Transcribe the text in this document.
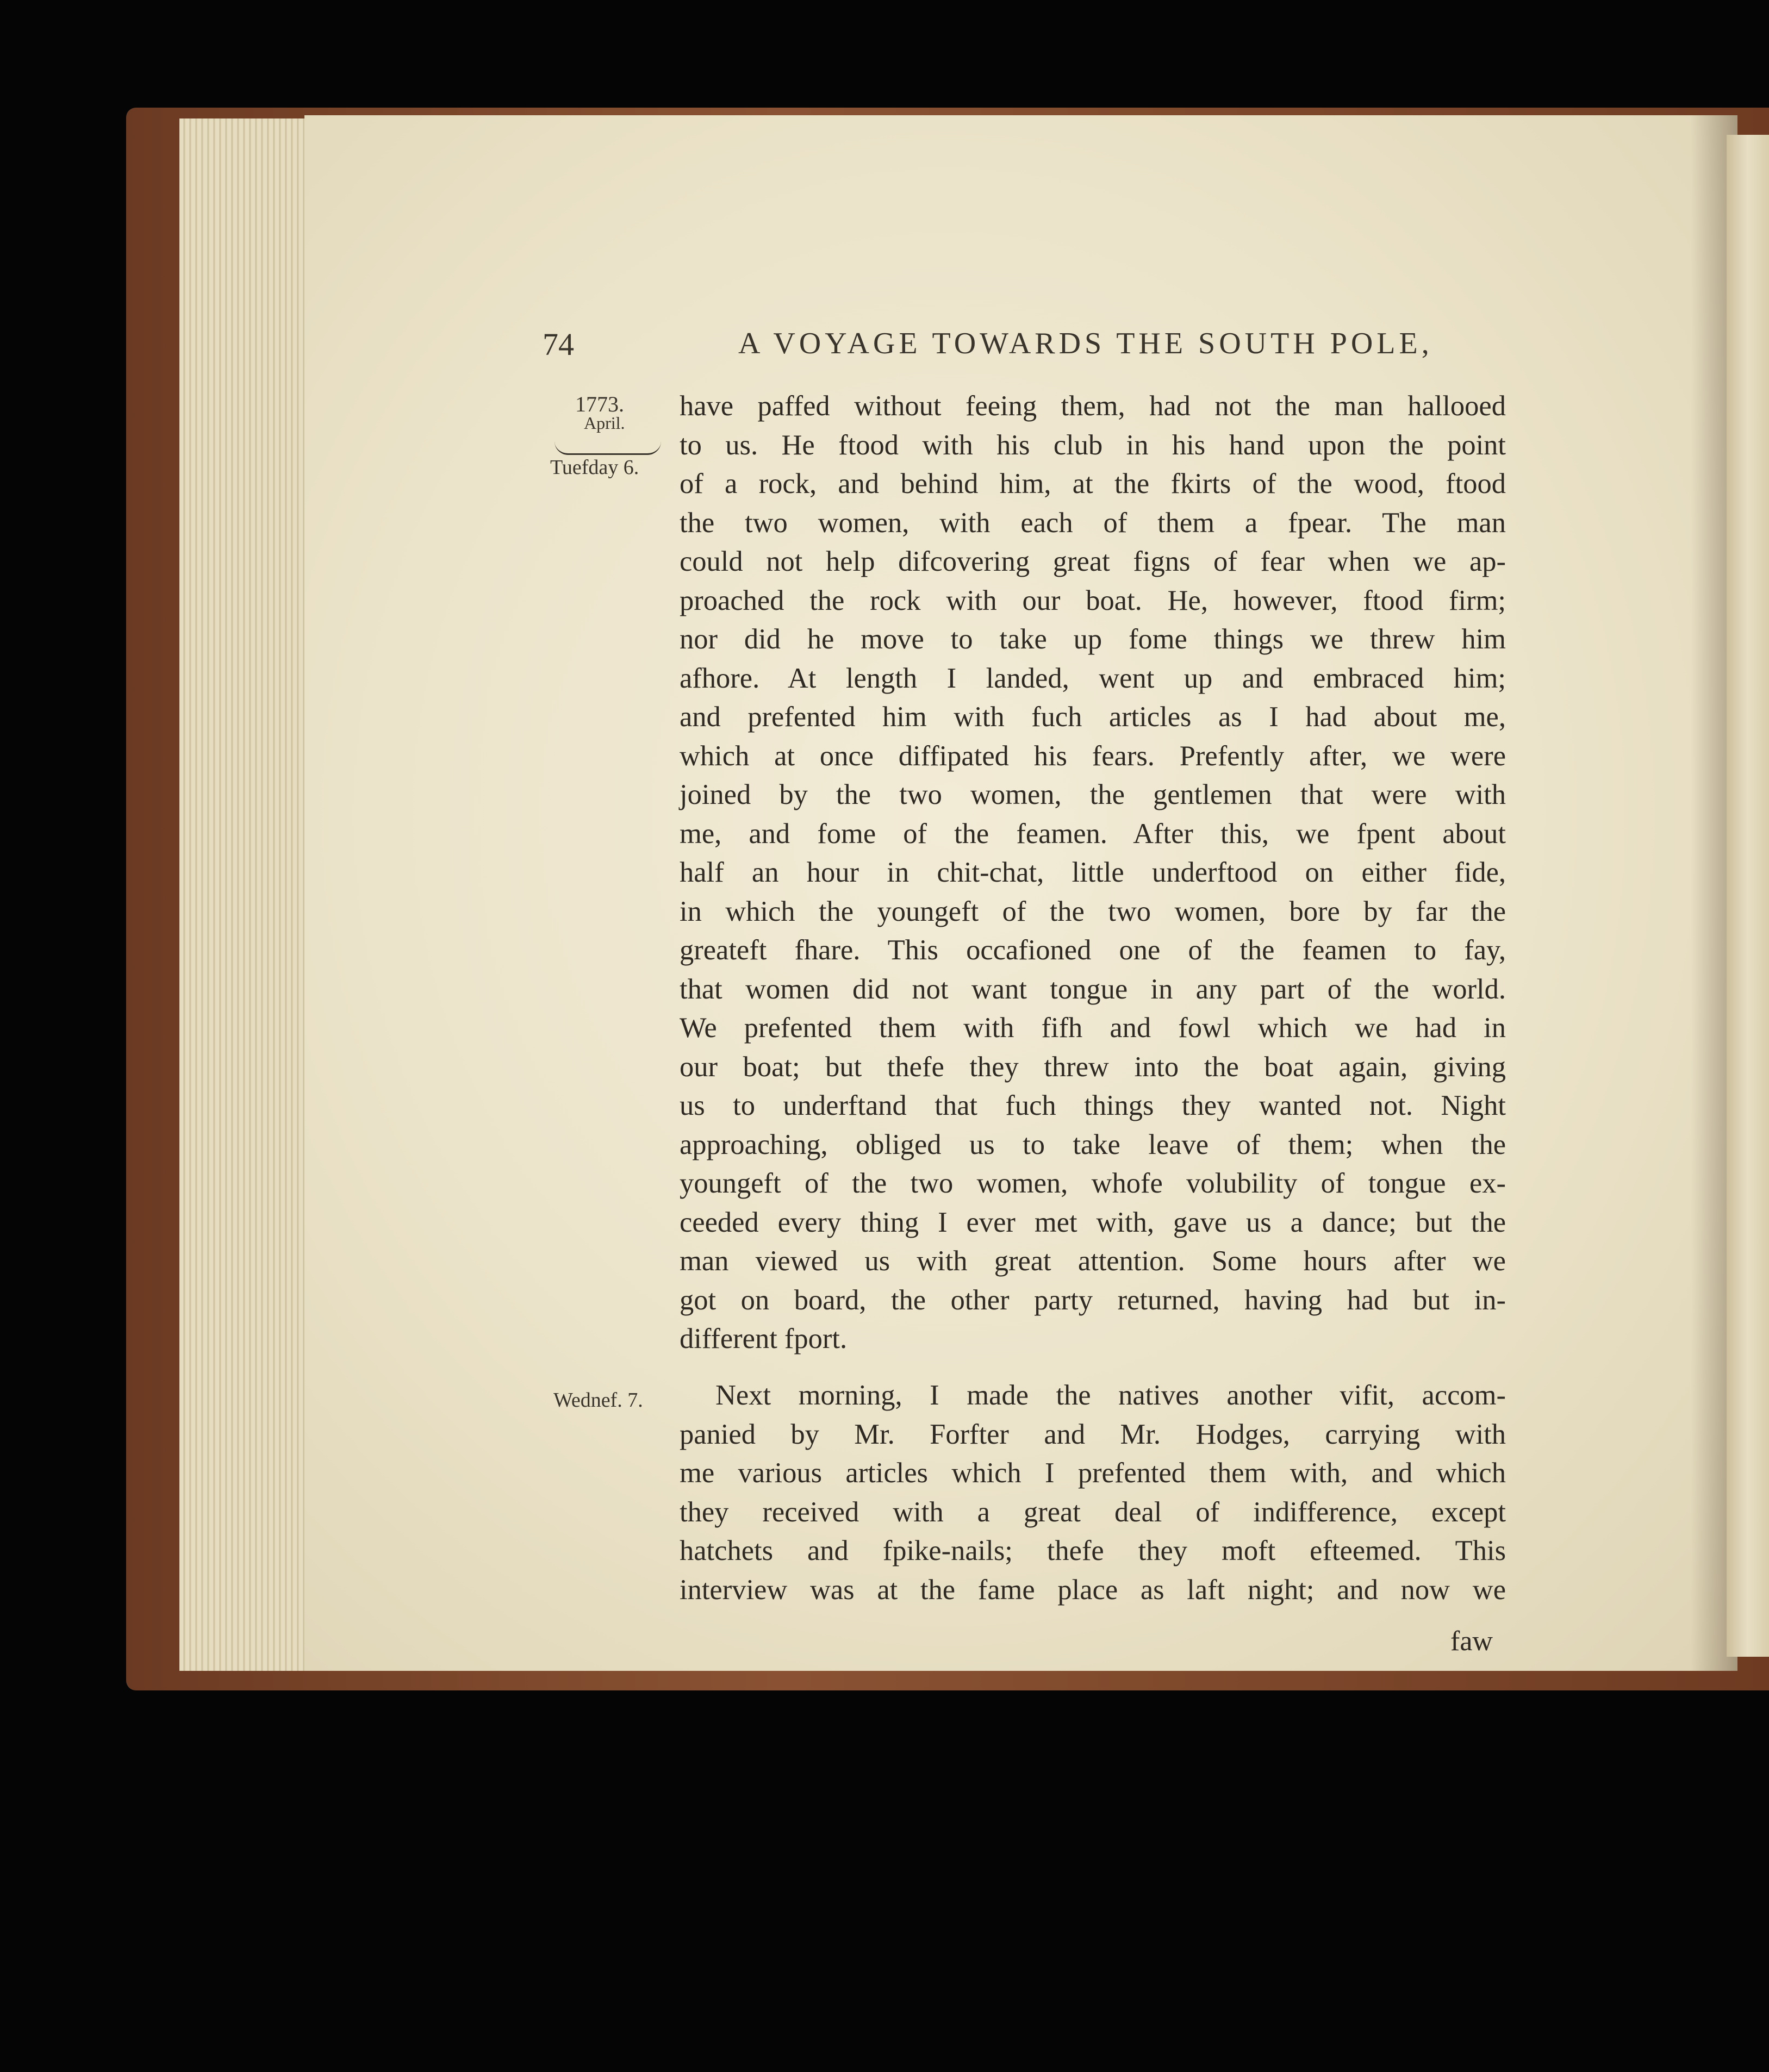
74	A VOYAGE TOWARDS THE SOUTH POLE,
1773.
April.
Tuefday 6.
Wednef. 7.
have paffed without feeing them, had not the man hallooed
to us. He ftood with his club in his hand upon the point
of a rock, and behind him, at the fkirts of the wood, ftood
the two women, with each of them a fpear. The man
could not help difcovering great figns of fear when we ap-
proached the rock with our boat. He, however, ftood firm;
nor did he move to take up fome things we threw him
afhore. At length I landed, went up and embraced him;
and prefented him with fuch articles as I had about me,
which at once diffipated his fears. Prefently after, we were
joined by the two women, the gentlemen that were with
me, and fome of the feamen. After this, we fpent about
half an hour in chit-chat, little underftood on either fide,
in which the youngeft of the two women, bore by far the
greateft fhare. This occafioned one of the feamen to fay,
that women did not want tongue in any part of the world.
We prefented them with fifh and fowl which we had in
our boat; but thefe they threw into the boat again, giving
us to underftand that fuch things they wanted not. Night
approaching, obliged us to take leave of them; when the
youngeft of the two women, whofe volubility of tongue ex-
ceeded every thing I ever met with, gave us a dance; but the
man viewed us with great attention. Some hours after we
got on board, the other party returned, having had but in-
different fport.
Next morning, I made the natives another vifit, accom-
panied by Mr. Forfter and Mr. Hodges, carrying with
me various articles which I prefented them with, and which
they received with a great deal of indifference, except
hatchets and fpike-nails; thefe they moft efteemed. This
interview was at the fame place as laft night; and now we
faw
